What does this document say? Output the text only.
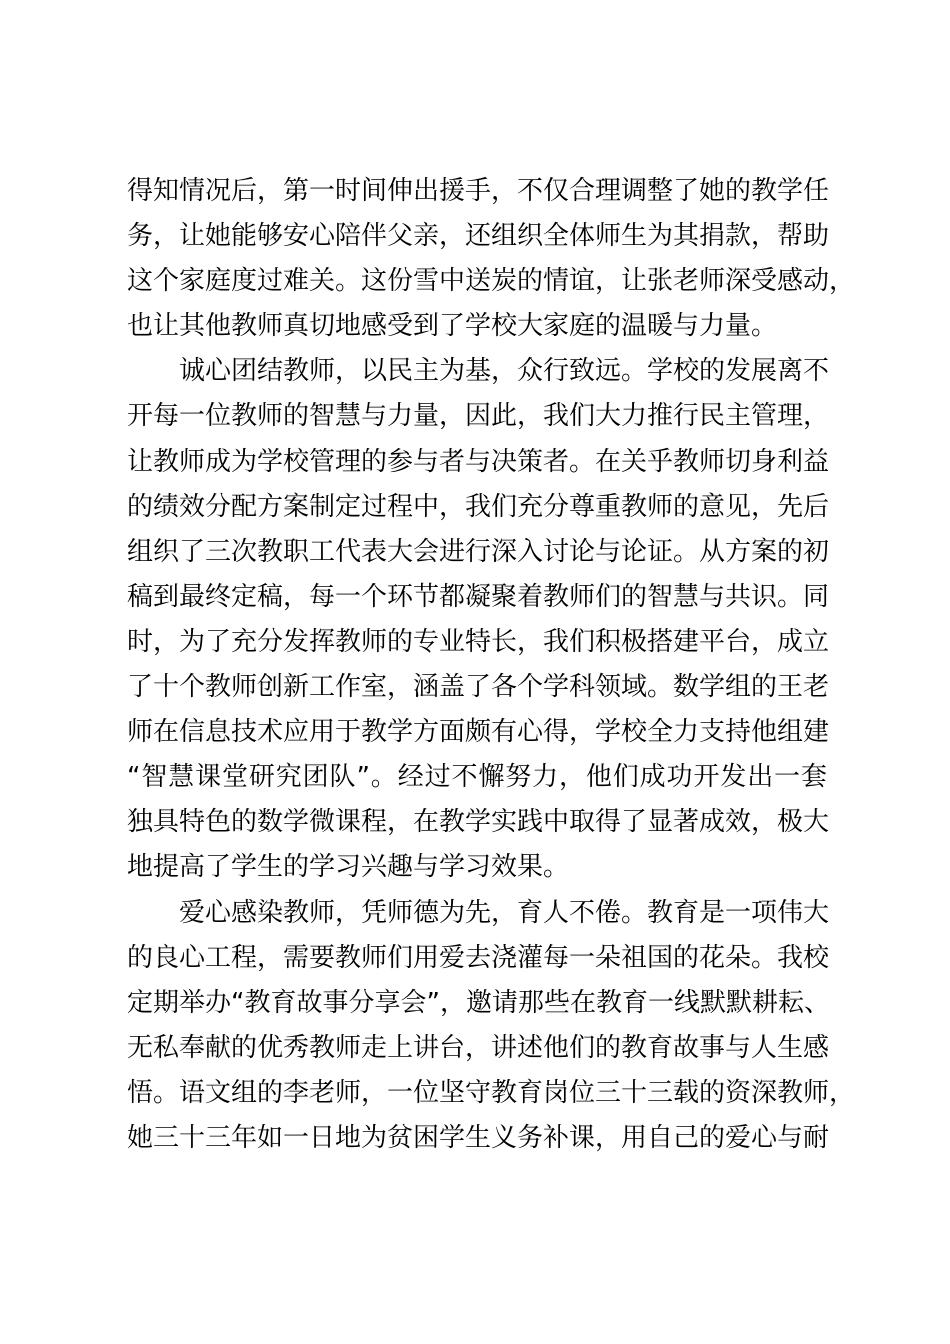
得知情况后，第一时间伸出援手，不仅合理调整了她的教学任
务，让她能够安心陪伴父亲，还组织全体师生为其捐款，帮助
这个家庭度过难关。这份雪中送炭的情谊，让张老师深受感动，
也让其他教师真切地感受到了学校大家庭的温暖与力量。
诚心团结教师，以民主为基，众行致远。学校的发展离不
开每一位教师的智慧与力量，因此，我们大力推行民主管理，
让教师成为学校管理的参与者与决策者。在关乎教师切身利益
的绩效分配方案制定过程中，我们充分尊重教师的意见，先后
组织了三次教职工代表大会进行深入讨论与论证。从方案的初
稿到最终定稿，每一个环节都凝聚着教师们的智慧与共识。同
时，为了充分发挥教师的专业特长，我们积极搭建平台，成立
了十个教师创新工作室，涵盖了各个学科领域。数学组的王老
师在信息技术应用于教学方面颇有心得，学校全力支持他组建
“智慧课堂研究团队”。经过不懈努力，他们成功开发出一套
独具特色的数学微课程，在教学实践中取得了显著成效，极大
地提高了学生的学习兴趣与学习效果。
爱心感染教师，凭师德为先，育人不倦。教育是一项伟大
的良心工程，需要教师们用爱去浇灌每一朵祖国的花朵。我校
定期举办“教育故事分享会”，邀请那些在教育一线默默耕耘、
无私奉献的优秀教师走上讲台，讲述他们的教育故事与人生感
悟。语文组的李老师，一位坚守教育岗位三十三载的资深教师，
她三十三年如一日地为贫困学生义务补课，用自己的爱心与耐
